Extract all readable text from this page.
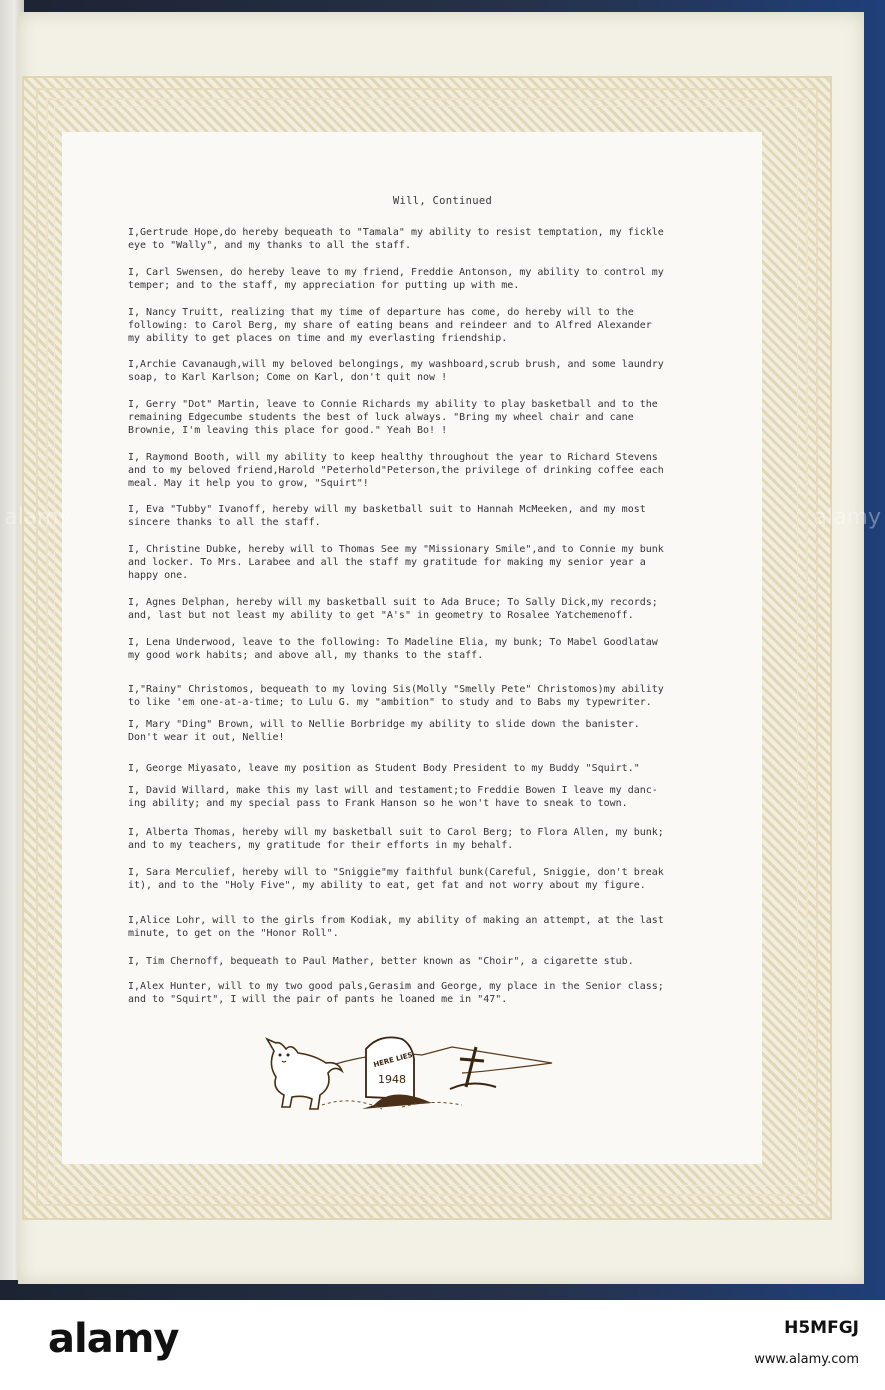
Will, Continued
I,Gertrude Hope,do hereby bequeath to "Tamala" my ability to resist temptation, my fickle
eye to "Wally", and my thanks to all the staff.
I, Carl Swensen, do hereby leave to my friend, Freddie Antonson, my ability to control my
temper; and to the staff, my appreciation for putting up with me.
I, Nancy Truitt, realizing that my time of departure has come, do hereby will to the
following: to Carol Berg, my share of eating beans and reindeer and to Alfred Alexander
my ability to get places on time and my everlasting friendship.
I,Archie Cavanaugh,will my beloved belongings, my washboard,scrub brush, and some laundry
soap, to Karl Karlson; Come on Karl, don't quit now !
I, Gerry "Dot" Martin, leave to Connie Richards my ability to play basketball and to the
remaining Edgecumbe students the best of luck always. "Bring my wheel chair and cane
Brownie, I'm leaving this place for good." Yeah Bo! !
I, Raymond Booth, will my ability to keep healthy throughout the year to Richard Stevens
and to my beloved friend,Harold "Peterhold"Peterson,the privilege of drinking coffee each
meal. May it help you to grow, "Squirt"!
I, Eva "Tubby" Ivanoff, hereby will my basketball suit to Hannah McMeeken, and my most
sincere thanks to all the staff.
I, Christine Dubke, hereby will to Thomas See my "Missionary Smile",and to Connie my bunk
and locker. To Mrs. Larabee and all the staff my gratitude for making my senior year a
happy one.
I, Agnes Delphan, hereby will my basketball suit to Ada Bruce; To Sally Dick,my records;
and, last but not least my ability to get "A's" in geometry to Rosalee Yatchemenoff.
I, Lena Underwood, leave to the following: To Madeline Elia, my bunk; To Mabel Goodlataw
my good work habits; and above all, my thanks to the staff.
I,"Rainy" Christomos, bequeath to my loving Sis(Molly "Smelly Pete" Christomos)my ability
to like 'em one-at-a-time; to Lulu G. my "ambition" to study and to Babs my typewriter.
I, Mary "Ding" Brown, will to Nellie Borbridge my ability to slide down the banister.
Don't wear it out, Nellie!
I, George Miyasato, leave my position as Student Body President to my Buddy "Squirt."
I, David Willard, make this my last will and testament;to Freddie Bowen I leave my danc-
ing ability; and my special pass to Frank Hanson so he won't have to sneak to town.
I, Alberta Thomas, hereby will my basketball suit to Carol Berg; to Flora Allen, my bunk;
and to my teachers, my gratitude for their efforts in my behalf.
I, Sara Merculief, hereby will to "Sniggie"my faithful bunk(Careful, Sniggie, don't break
it), and to the "Holy Five", my ability to eat, get fat and not worry about my figure.
I,Alice Lohr, will to the girls from Kodiak, my ability of making an attempt, at the last
minute, to get on the "Honor Roll".
I, Tim Chernoff, bequeath to Paul Mather, better known as "Choir", a cigarette stub.
I,Alex Hunter, will to my two good pals,Gerasim and George, my place in the Senior class;
and to "Squirt", I will the pair of pants he loaned me in "47".
HERE LIES
1948
alamy	alamy
alamy	H5MFGJ
www.alamy.com
